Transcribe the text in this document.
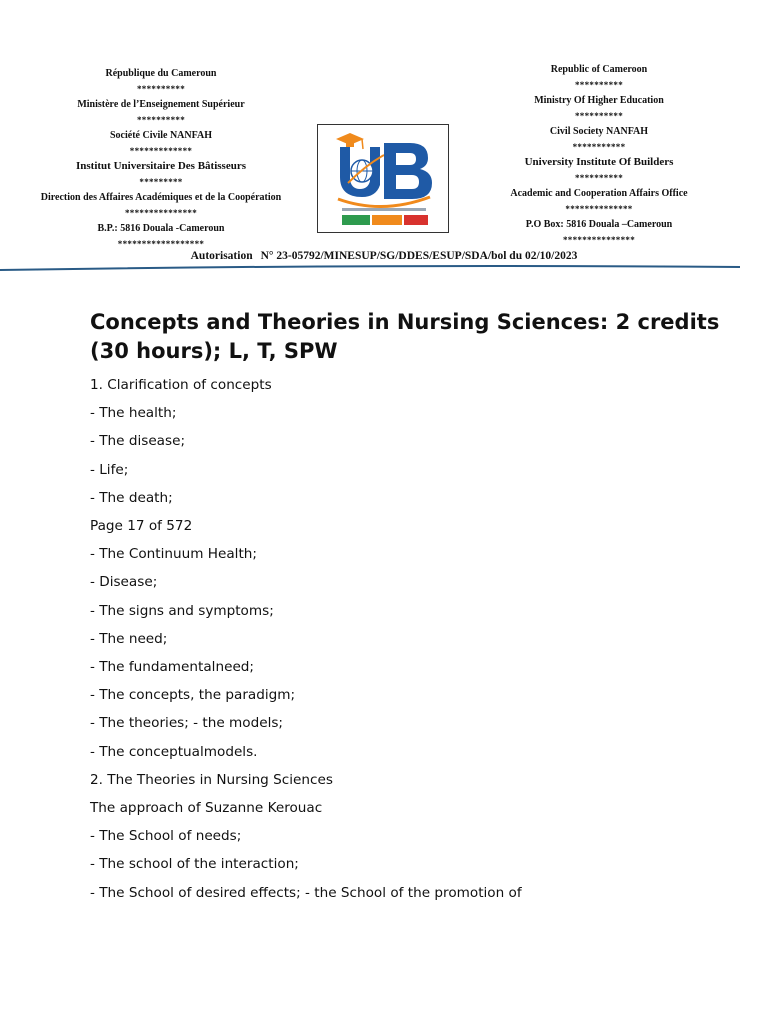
République du Cameroun
**********
Ministère de l’Enseignement Supérieur
**********
Société Civile NANFAH
*************
Institut Universitaire Des Bâtisseurs
*********
Direction des Affaires Académiques et de la Coopération
***************
B.P.: 5816 Douala -Cameroun
******************
Republic of Cameroon
**********
Ministry Of Higher Education
**********
Civil Society NANFAH
***********
University Institute Of Builders
**********
Academic and Cooperation Affairs Office
**************
P.O Box: 5816 Douala –Cameroun
***************
Autorisation N° 23-05792/MINESUP/SG/DDES/ESUP/SDA/bol du 02/10/2023
Concepts and Theories in Nursing Sciences: 2 credits (30 hours); L, T, SPW

1. Clarification of concepts

- The health;

- The disease;

- Life;

- The death;

Page 17 of 572

- The Continuum Health;

- Disease;

- The signs and symptoms;

- The need;

- The fundamentalneed;

- The concepts, the paradigm;

- The theories; - the models;

- The conceptualmodels.

2. The Theories in Nursing Sciences

The approach of Suzanne Kerouac

- The School of needs;

- The school of the interaction;

- The School of desired effects; - the School of the promotion of
